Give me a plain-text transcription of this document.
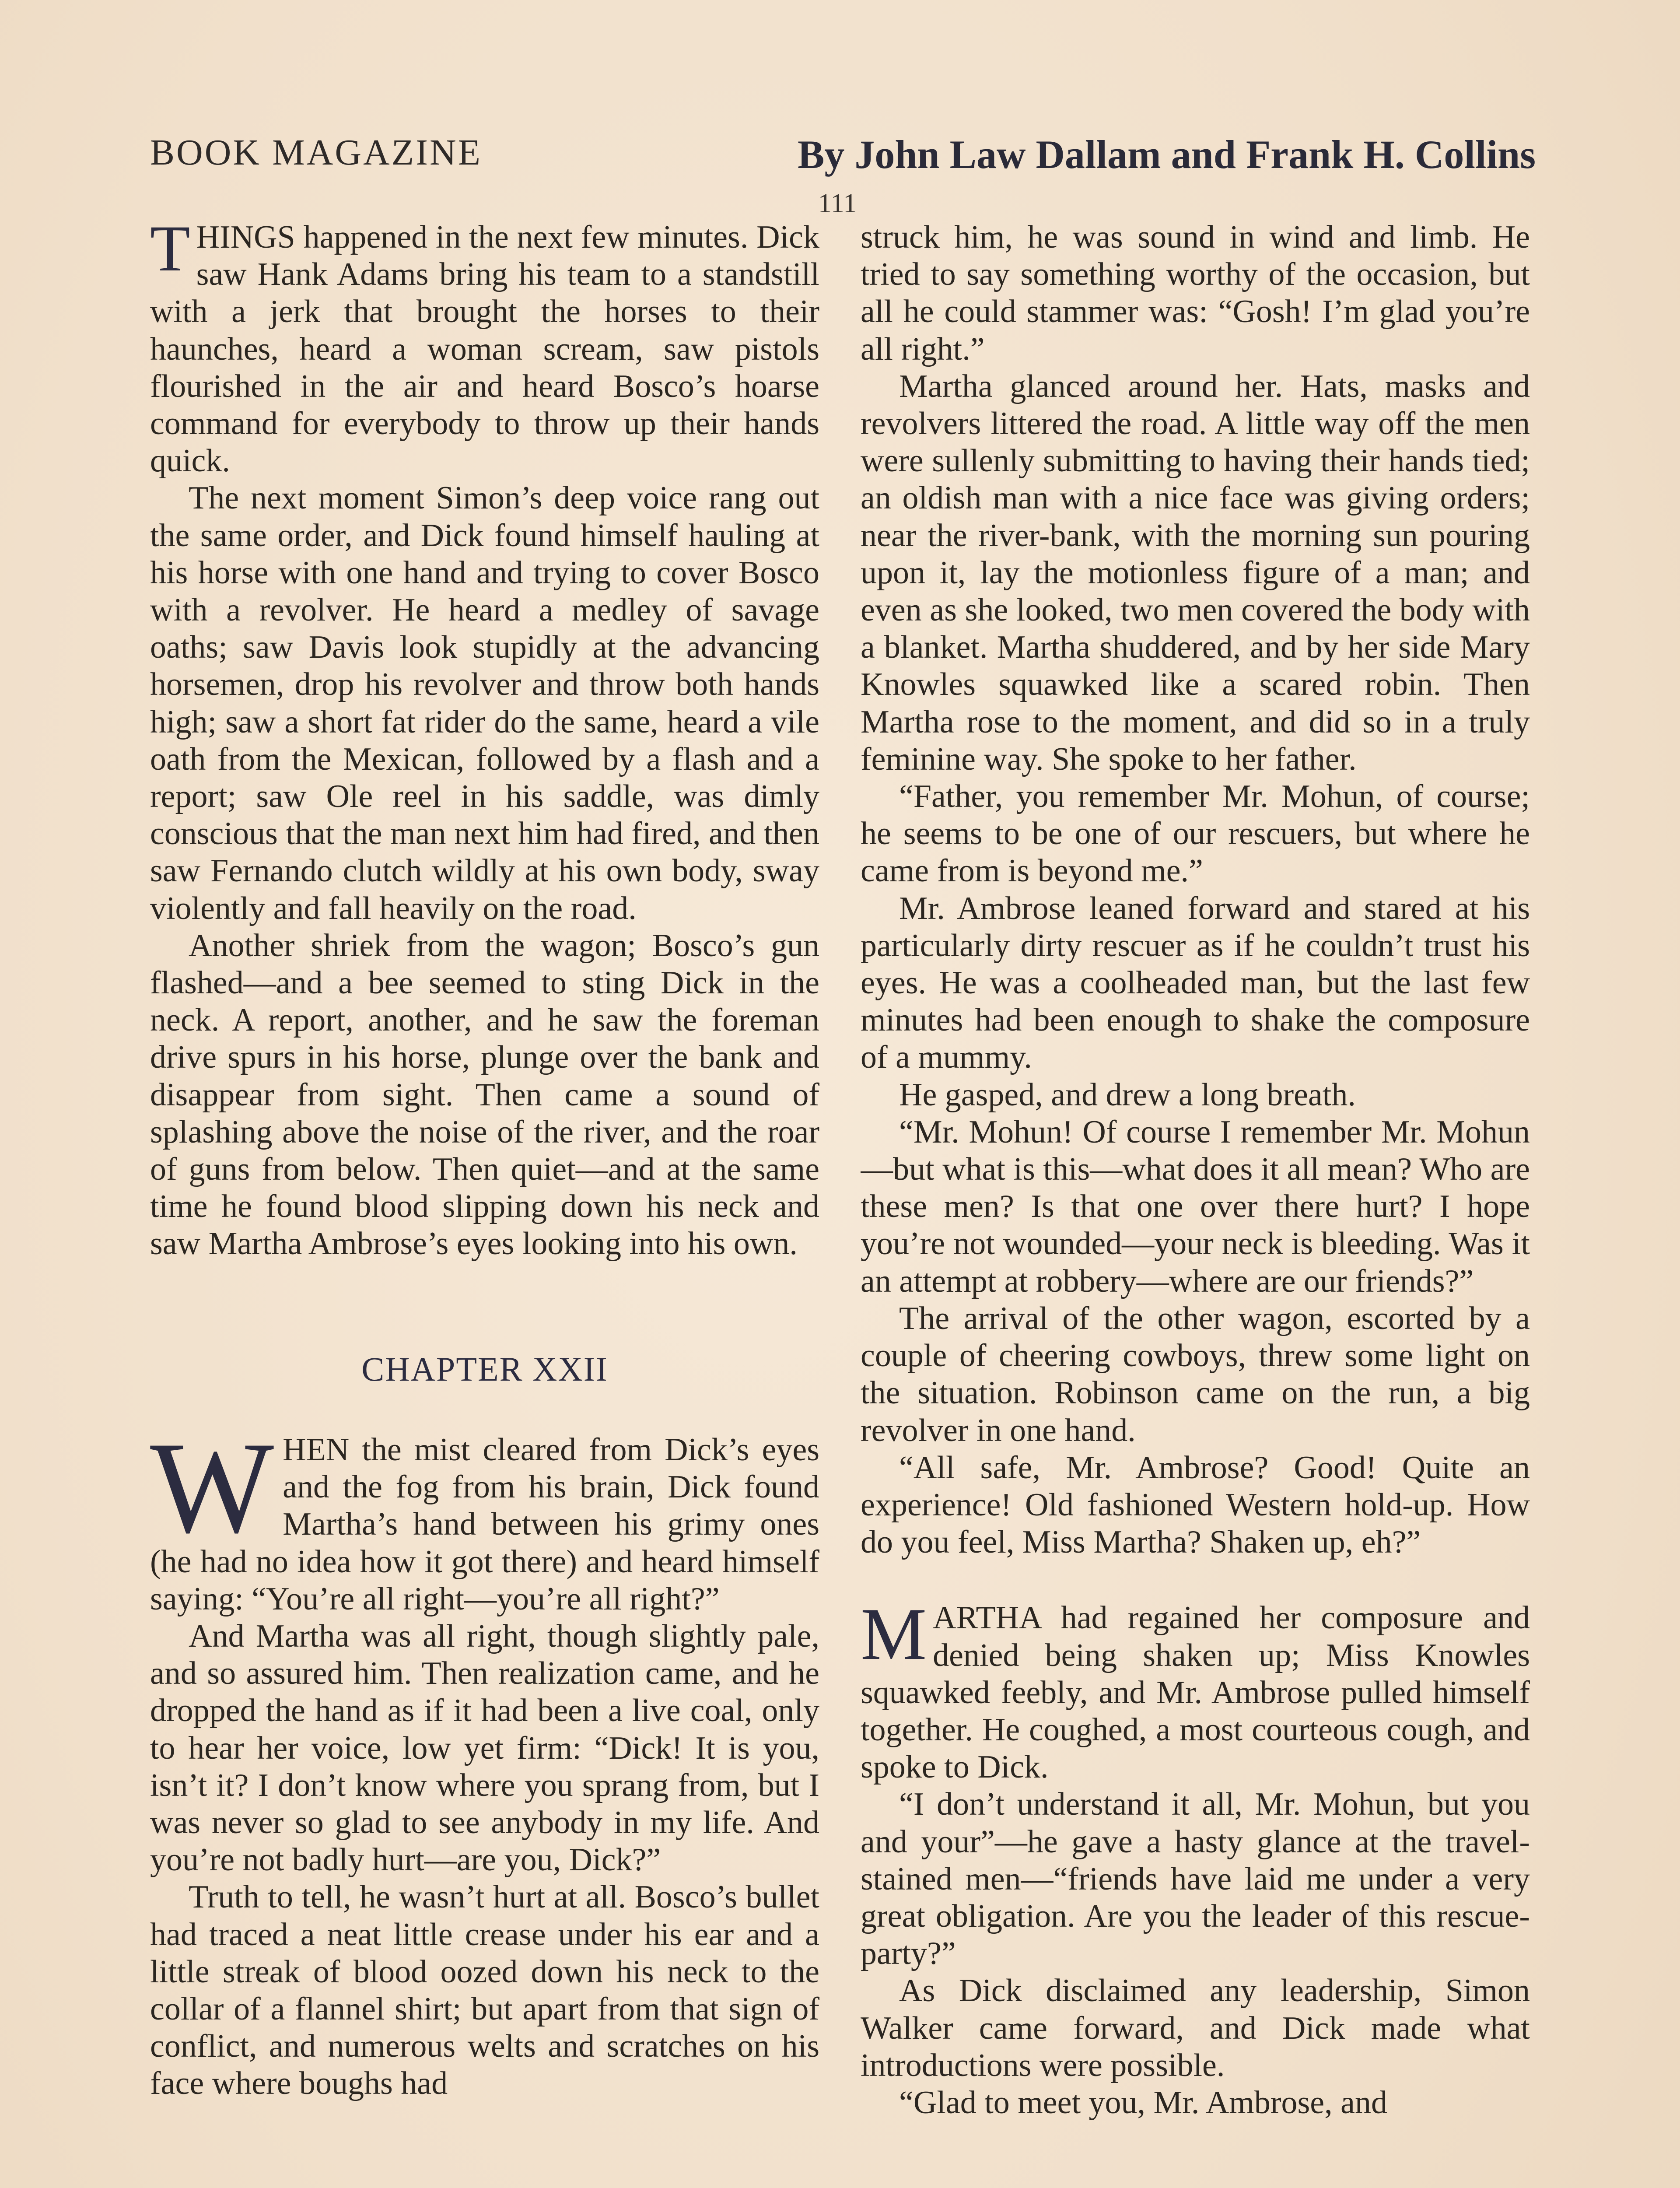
BOOK MAGAZINE	By John Law Dallam and Frank H. Collins
111

THINGS happened in the next few minutes. Dick saw Hank Adams bring his team to a standstill with a jerk that brought the horses to their haunches, heard a woman scream, saw pistols flourished in the air and heard Bosco’s hoarse command for everybody to throw up their hands quick.

The next moment Simon’s deep voice rang out the same order, and Dick found himself hauling at his horse with one hand and trying to cover Bosco with a revolver. He heard a medley of savage oaths; saw Davis look stupidly at the advancing horsemen, drop his revolver and throw both hands high; saw a short fat rider do the same, heard a vile oath from the Mexican, followed by a flash and a report; saw Ole reel in his saddle, was dimly conscious that the man next him had fired, and then saw Fernando clutch wildly at his own body, sway violently and fall heavily on the road.

Another shriek from the wagon; Bosco’s gun flashed—and a bee seemed to sting Dick in the neck. A report, another, and he saw the foreman drive spurs in his horse, plunge over the bank and disappear from sight. Then came a sound of splashing above the noise of the river, and the roar of guns from below. Then quiet—and at the same time he found blood slipping down his neck and saw Martha Ambrose’s eyes looking into his own.

CHAPTER XXII

WHEN the mist cleared from Dick’s eyes and the fog from his brain, Dick found Martha’s hand between his grimy ones (he had no idea how it got there) and heard himself saying: “You’re all right—you’re all right?”

And Martha was all right, though slightly pale, and so assured him. Then realization came, and he dropped the hand as if it had been a live coal, only to hear her voice, low yet firm: “Dick! It is you, isn’t it? I don’t know where you sprang from, but I was never so glad to see anybody in my life. And you’re not badly hurt—are you, Dick?”

Truth to tell, he wasn’t hurt at all. Bosco’s bullet had traced a neat little crease under his ear and a little streak of blood oozed down his neck to the collar of a flannel shirt; but apart from that sign of conflict, and numerous welts and scratches on his face where boughs had

struck him, he was sound in wind and limb. He tried to say something worthy of the occasion, but all he could stammer was: “Gosh! I’m glad you’re all right.”

Martha glanced around her. Hats, masks and revolvers littered the road. A little way off the men were sullenly submitting to having their hands tied; an oldish man with a nice face was giving orders; near the river-bank, with the morning sun pouring upon it, lay the motionless figure of a man; and even as she looked, two men covered the body with a blanket. Martha shuddered, and by her side Mary Knowles squawked like a scared robin. Then Martha rose to the moment, and did so in a truly feminine way. She spoke to her father.

“Father, you remember Mr. Mohun, of course; he seems to be one of our rescuers, but where he came from is beyond me.”

Mr. Ambrose leaned forward and stared at his particularly dirty rescuer as if he couldn’t trust his eyes. He was a coolheaded man, but the last few minutes had been enough to shake the composure of a mummy.

He gasped, and drew a long breath.

“Mr. Mohun! Of course I remember Mr. Mohun—but what is this—what does it all mean? Who are these men? Is that one over there hurt? I hope you’re not wounded—your neck is bleeding. Was it an attempt at robbery—where are our friends?”

The arrival of the other wagon, escorted by a couple of cheering cowboys, threw some light on the situation. Robinson came on the run, a big revolver in one hand.

“All safe, Mr. Ambrose? Good! Quite an experience! Old fashioned Western hold-up. How do you feel, Miss Martha? Shaken up, eh?”

MARTHA had regained her composure and denied being shaken up; Miss Knowles squawked feebly, and Mr. Ambrose pulled himself together. He coughed, a most courteous cough, and spoke to Dick.

“I don’t understand it all, Mr. Mohun, but you and your”—he gave a hasty glance at the travel-stained men—“friends have laid me under a very great obligation. Are you the leader of this rescue-party?”

As Dick disclaimed any leadership, Simon Walker came forward, and Dick made what introductions were possible.

“Glad to meet you, Mr. Ambrose, and
